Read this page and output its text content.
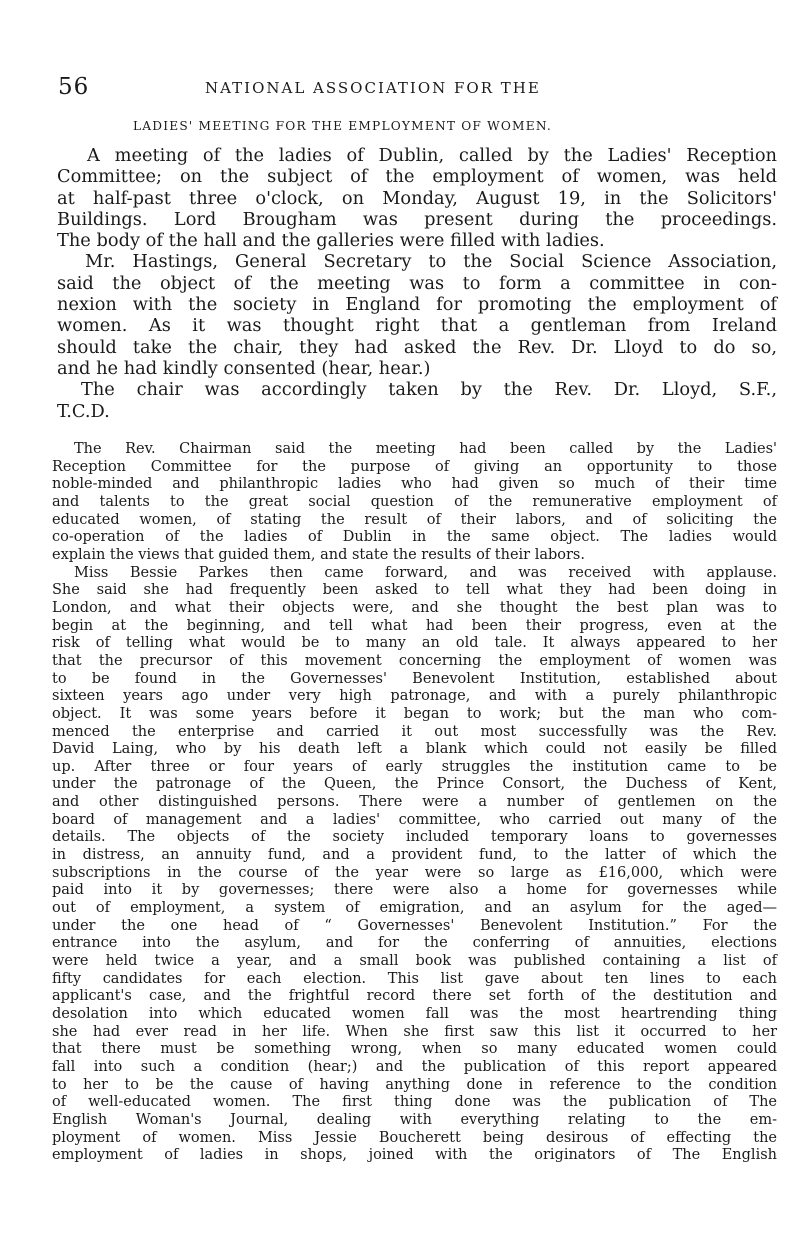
56	NATIONAL ASSOCIATION FOR THE
LADIES' MEETING FOR THE EMPLOYMENT OF WOMEN.
A meeting of the ladies of Dublin, called by the Ladies' Reception
Committee; on the subject of the employment of women, was held
at half-past three o'clock, on Monday, August 19, in the Solicitors'
Buildings. Lord Brougham was present during the proceedings.
The body of the hall and the galleries were filled with ladies.
Mr. Hastings, General Secretary to the Social Science Association,
said the object of the meeting was to form a committee in con-
nexion with the society in England for promoting the employment of
women. As it was thought right that a gentleman from Ireland
should take the chair, they had asked the Rev. Dr. Lloyd to do so,
and he had kindly consented (hear, hear.)
The chair was accordingly taken by the Rev. Dr. Lloyd, S.F.,
T.C.D.
The Rev. Chairman said the meeting had been called by the Ladies'
Reception Committee for the purpose of giving an opportunity to those
noble-minded and philanthropic ladies who had given so much of their time
and talents to the great social question of the remunerative employment of
educated women, of stating the result of their labors, and of soliciting the
co-operation of the ladies of Dublin in the same object. The ladies would
explain the views that guided them, and state the results of their labors.
Miss Bessie Parkes then came forward, and was received with applause.
She said she had frequently been asked to tell what they had been doing in
London, and what their objects were, and she thought the best plan was to
begin at the beginning, and tell what had been their progress, even at the
risk of telling what would be to many an old tale. It always appeared to her
that the precursor of this movement concerning the employment of women was
to be found in the Governesses' Benevolent Institution, established about
sixteen years ago under very high patronage, and with a purely philanthropic
object. It was some years before it began to work; but the man who com-
menced the enterprise and carried it out most successfully was the Rev.
David Laing, who by his death left a blank which could not easily be filled
up. After three or four years of early struggles the institution came to be
under the patronage of the Queen, the Prince Consort, the Duchess of Kent,
and other distinguished persons. There were a number of gentlemen on the
board of management and a ladies' committee, who carried out many of the
details. The objects of the society included temporary loans to governesses
in distress, an annuity fund, and a provident fund, to the latter of which the
subscriptions in the course of the year were so large as £16,000, which were
paid into it by governesses; there were also a home for governesses while
out of employment, a system of emigration, and an asylum for the aged—
under the one head of “ Governesses' Benevolent Institution.” For the
entrance into the asylum, and for the conferring of annuities, elections
were held twice a year, and a small book was published containing a list of
fifty candidates for each election. This list gave about ten lines to each
applicant's case, and the frightful record there set forth of the destitution and
desolation into which educated women fall was the most heartrending thing
she had ever read in her life. When she first saw this list it occurred to her
that there must be something wrong, when so many educated women could
fall into such a condition (hear;) and the publication of this report appeared
to her to be the cause of having anything done in reference to the condition
of well-educated women. The first thing done was the publication of The
English Woman's Journal, dealing with everything relating to the em-
ployment of women. Miss Jessie Boucherett being desirous of effecting the
employment of ladies in shops, joined with the originators of The English
